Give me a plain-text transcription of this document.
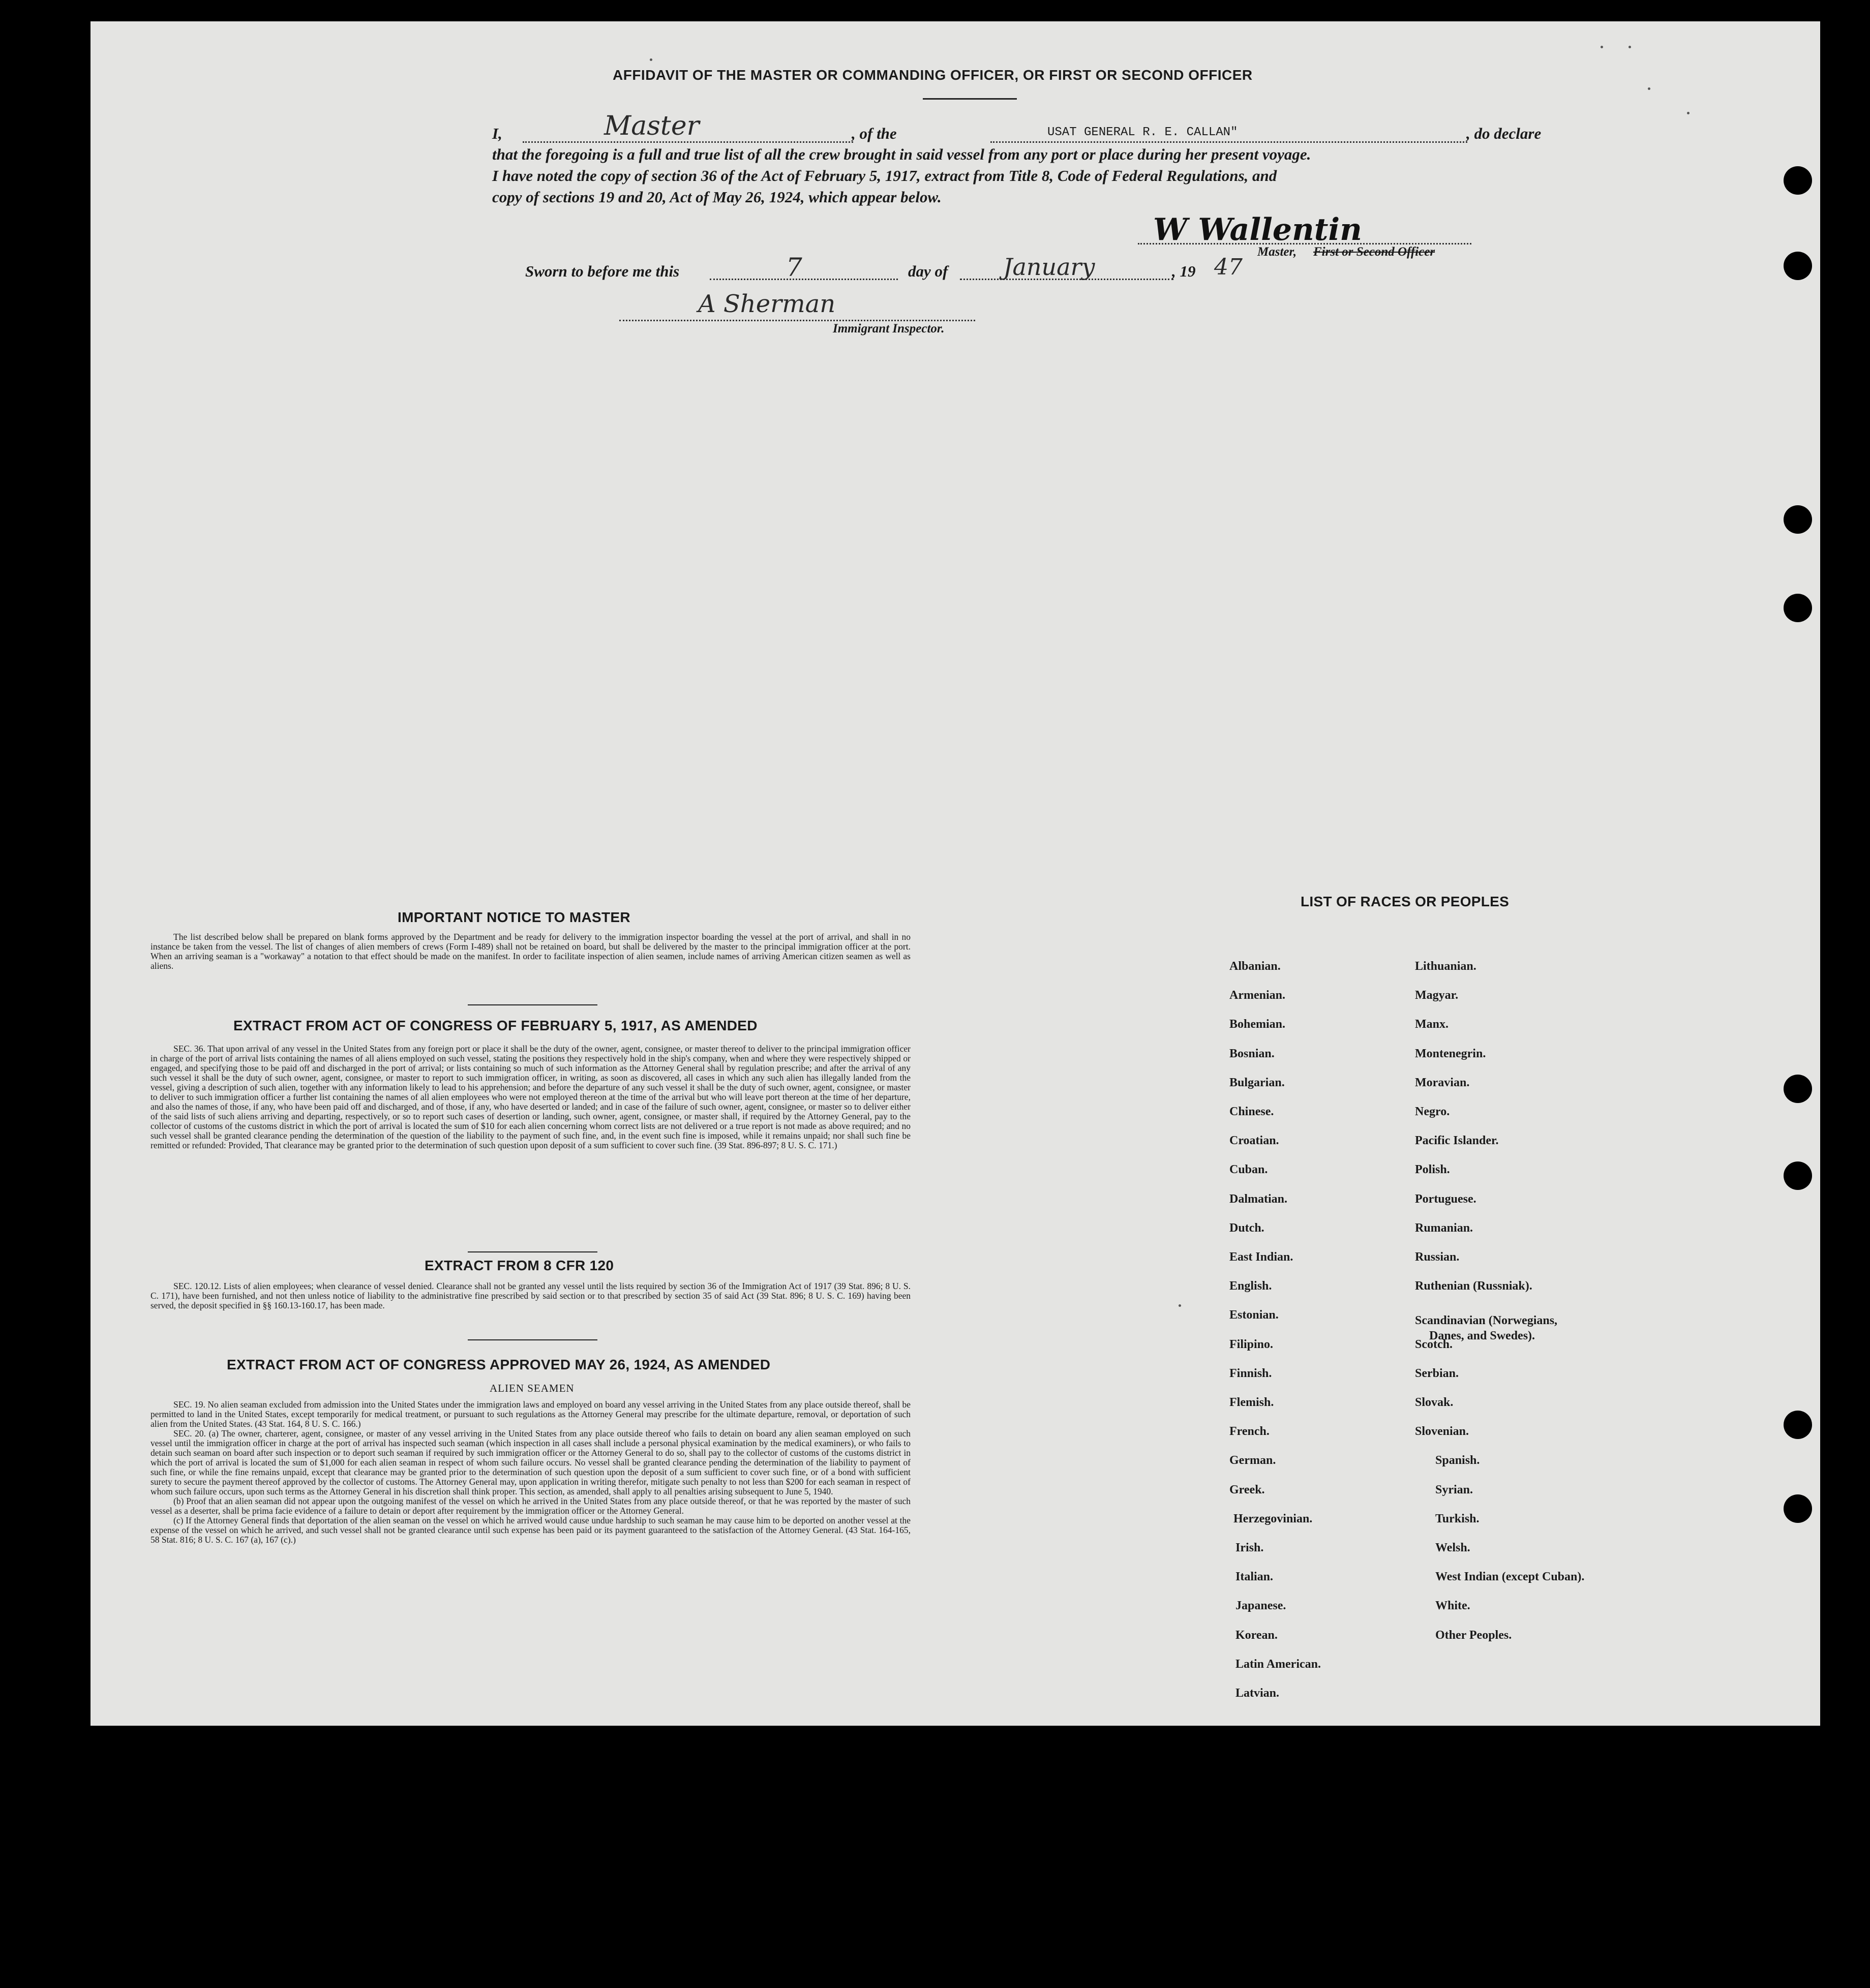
AFFIDAVIT OF THE MASTER OR COMMANDING OFFICER, OR FIRST OR SECOND OFFICER
I,	Master	, of the	USAT GENERAL R. E. CALLAN"	, do declare
that the foregoing is a full and true list of all the crew brought in said vessel from any port or place during her present voyage.
I have noted the copy of section 36 of the Act of February 5, 1917, extract from Title 8, Code of Federal Regulations, and
copy of sections 19 and 20, Act of May 26, 1924, which appear below.
W Wallentin
Master, First or Second Officer
Sworn to before me this	7	day of January	, 19 47
A Sherman
Immigrant Inspector.
IMPORTANT NOTICE TO MASTER

The list described below shall be prepared on blank forms approved by the Department and be ready for delivery to the immigration inspector boarding the vessel at the port of arrival, and shall in no instance be taken from the vessel. The list of changes of alien members of crews (Form I-489) shall not be retained on board, but shall be delivered by the master to the principal immigration officer at the port. When an arriving seaman is a "workaway" a notation to that effect should be made on the manifest. In order to facilitate inspection of alien seamen, include names of arriving American citizen seamen as well as aliens.

EXTRACT FROM ACT OF CONGRESS OF FEBRUARY 5, 1917, AS AMENDED

SEC. 36. That upon arrival of any vessel in the United States from any foreign port or place it shall be the duty of the owner, agent, consignee, or master thereof to deliver to the principal immigration officer in charge of the port of arrival lists containing the names of all aliens employed on such vessel, stating the positions they respectively hold in the ship's company, when and where they were respectively shipped or engaged, and specifying those to be paid off and discharged in the port of arrival; or lists containing so much of such information as the Attorney General shall by regulation prescribe; and after the arrival of any such vessel it shall be the duty of such owner, agent, consignee, or master to report to such immigration officer, in writing, as soon as discovered, all cases in which any such alien has illegally landed from the vessel, giving a description of such alien, together with any information likely to lead to his apprehension; and before the departure of any such vessel it shall be the duty of such owner, agent, consignee, or master to deliver to such immigration officer a further list containing the names of all alien employees who were not employed thereon at the time of the arrival but who will leave port thereon at the time of her departure, and also the names of those, if any, who have been paid off and discharged, and of those, if any, who have deserted or landed; and in case of the failure of such owner, agent, consignee, or master so to deliver either of the said lists of such aliens arriving and departing, respectively, or so to report such cases of desertion or landing, such owner, agent, consignee, or master shall, if required by the Attorney General, pay to the collector of customs of the customs district in which the port of arrival is located the sum of $10 for each alien concerning whom correct lists are not delivered or a true report is not made as above required; and no such vessel shall be granted clearance pending the determination of the question of the liability to the payment of such fine, and, in the event such fine is imposed, while it remains unpaid; nor shall such fine be remitted or refunded: Provided, That clearance may be granted prior to the determination of such question upon deposit of a sum sufficient to cover such fine. (39 Stat. 896-897; 8 U. S. C. 171.)

EXTRACT FROM 8 CFR 120

SEC. 120.12. Lists of alien employees; when clearance of vessel denied. Clearance shall not be granted any vessel until the lists required by section 36 of the Immigration Act of 1917 (39 Stat. 896; 8 U. S. C. 171), have been furnished, and not then unless notice of liability to the administrative fine prescribed by said section or to that prescribed by section 35 of said Act (39 Stat. 896; 8 U. S. C. 169) having been served, the deposit specified in §§ 160.13-160.17, has been made.

EXTRACT FROM ACT OF CONGRESS APPROVED MAY 26, 1924, AS AMENDED
ALIEN SEAMEN

SEC. 19. No alien seaman excluded from admission into the United States under the immigration laws and employed on board any vessel arriving in the United States from any place outside thereof, shall be permitted to land in the United States, except temporarily for medical treatment, or pursuant to such regulations as the Attorney General may prescribe for the ultimate departure, removal, or deportation of such alien from the United States. (43 Stat. 164, 8 U. S. C. 166.)

SEC. 20. (a) The owner, charterer, agent, consignee, or master of any vessel arriving in the United States from any place outside thereof who fails to detain on board any alien seaman employed on such vessel until the immigration officer in charge at the port of arrival has inspected such seaman (which inspection in all cases shall include a personal physical examination by the medical examiners), or who fails to detain such seaman on board after such inspection or to deport such seaman if required by such immigration officer or the Attorney General to do so, shall pay to the collector of customs of the customs district in which the port of arrival is located the sum of $1,000 for each alien seaman in respect of whom such failure occurs. No vessel shall be granted clearance pending the determination of the liability to payment of such fine, or while the fine remains unpaid, except that clearance may be granted prior to the determination of such question upon the deposit of a sum sufficient to cover such fine, or of a bond with sufficient surety to secure the payment thereof approved by the collector of customs. The Attorney General may, upon application in writing therefor, mitigate such penalty to not less than $200 for each seaman in respect of whom such failure occurs, upon such terms as the Attorney General in his discretion shall think proper. This section, as amended, shall apply to all penalties arising subsequent to June 5, 1940.

(b) Proof that an alien seaman did not appear upon the outgoing manifest of the vessel on which he arrived in the United States from any place outside thereof, or that he was reported by the master of such vessel as a deserter, shall be prima facie evidence of a failure to detain or deport after requirement by the immigration officer or the Attorney General.

(c) If the Attorney General finds that deportation of the alien seaman on the vessel on which he arrived would cause undue hardship to such seaman he may cause him to be deported on another vessel at the expense of the vessel on which he arrived, and such vessel shall not be granted clearance until such expense has been paid or its payment guaranteed to the satisfaction of the Attorney General. (43 Stat. 164-165, 58 Stat. 816; 8 U. S. C. 167 (a), 167 (c).)

LIST OF RACES OR PEOPLES
Albanian.
Armenian.
Bohemian.
Bosnian.
Bulgarian.
Chinese.
Croatian.
Cuban.
Dalmatian.
Dutch.
East Indian.
English.
Estonian.
Filipino.
Finnish.
Flemish.
French.
German.
Greek.
Herzegovinian.
Irish.
Italian.
Japanese.
Korean.
Latin American.
Latvian.
Lithuanian.
Magyar.
Manx.
Montenegrin.
Moravian.
Negro.
Pacific Islander.
Polish.
Portuguese.
Rumanian.
Russian.
Ruthenian (Russniak).
Scandinavian (Norwegians,
Danes, and Swedes).
Scotch.
Serbian.
Slovak.
Slovenian.
Spanish.
Syrian.
Turkish.
Welsh.
West Indian (except Cuban).
White.
Other Peoples.
